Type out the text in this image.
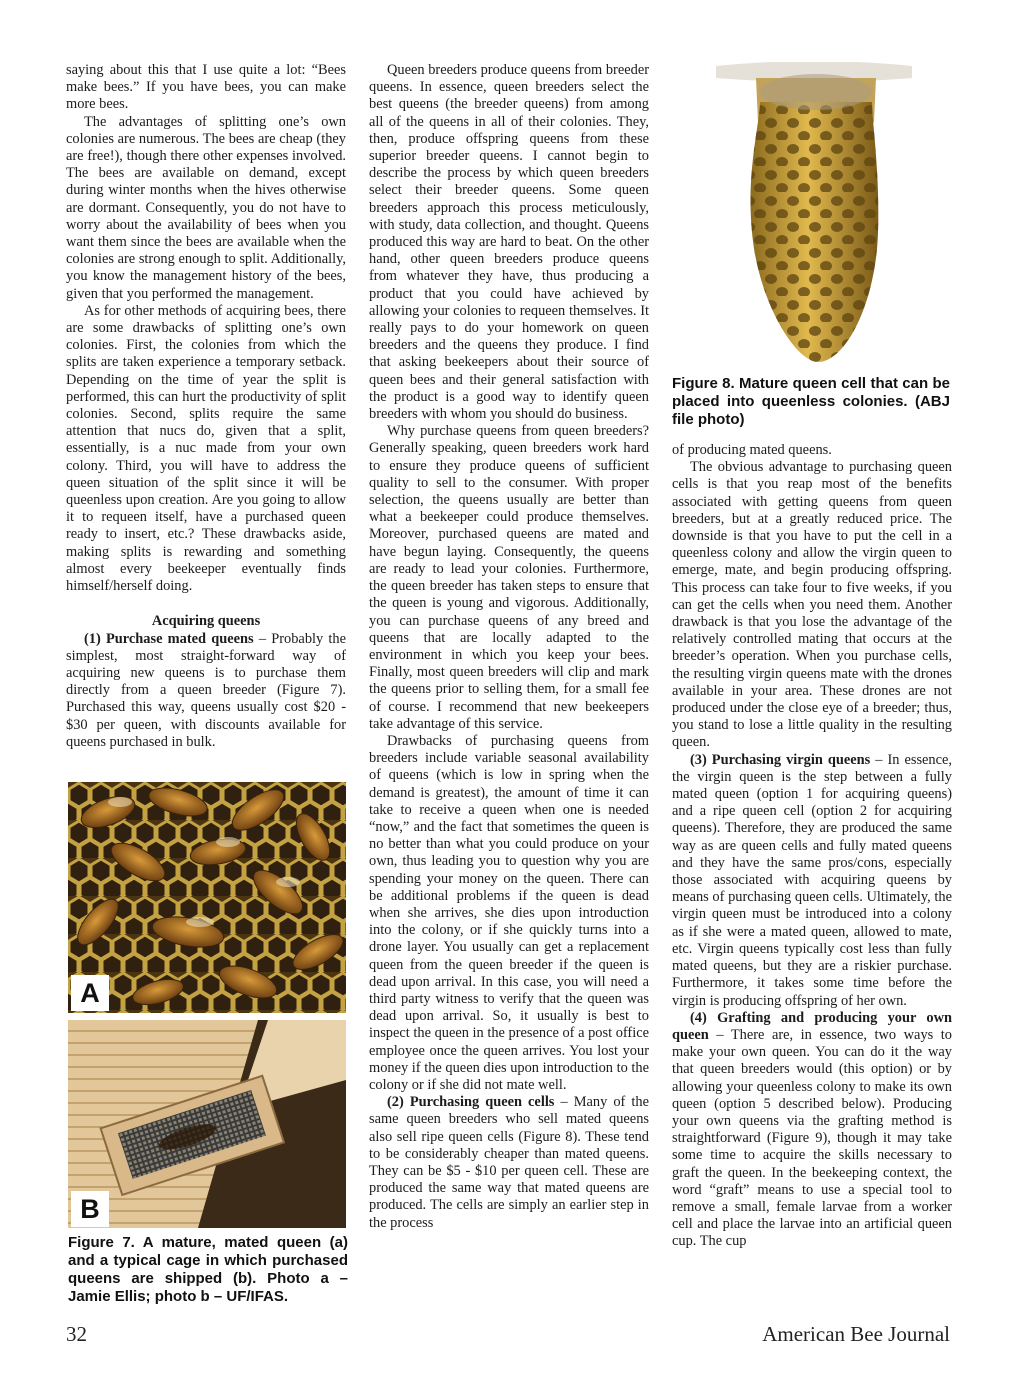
saying about this that I use quite a lot: “Bees make bees.” If you have bees, you can make more bees.

The advantages of splitting one’s own colonies are numerous. The bees are cheap (they are free!), though there other expenses involved. The bees are available on demand, except during winter months when the hives otherwise are dormant. Consequently, you do not have to worry about the availability of bees when you want them since the bees are available when the colonies are strong enough to split. Additionally, you know the management history of the bees, given that you performed the management.

As for other methods of acquiring bees, there are some drawbacks of splitting one’s own colonies. First, the colonies from which the splits are taken experience a temporary setback. Depending on the time of year the split is performed, this can hurt the productivity of split colonies. Second, splits require the same attention that nucs do, given that a split, essentially, is a nuc made from your own colony. Third, you will have to address the queen situation of the split since it will be queenless upon creation. Are you going to allow it to requeen itself, have a purchased queen ready to insert, etc.? These drawbacks aside, making splits is rewarding and something almost every beekeeper eventually finds himself/herself doing.

Acquiring queens

(1) Purchase mated queens – Probably the simplest, most straight-forward way of acquiring new queens is to purchase them directly from a queen breeder (Figure 7). Purchased this way, queens usually cost $20 - $30 per queen, with discounts available for queens purchased in bulk.

A
B

Figure 7. A mature, mated queen (a) and a typical cage in which purchased queens are shipped (b). Photo a – Jamie Ellis; photo b – UF/IFAS.

Queen breeders produce queens from breeder queens. In essence, queen breeders select the best queens (the breeder queens) from among all of the queens in all of their colonies. They, then, produce offspring queens from these superior breeder queens. I cannot begin to describe the process by which queen breeders select their breeder queens. Some queen breeders approach this process meticulously, with study, data collection, and thought. Queens produced this way are hard to beat. On the other hand, other queen breeders produce queens from whatever they have, thus producing a product that you could have achieved by allowing your colonies to requeen themselves. It really pays to do your homework on queen breeders and the queens they produce. I find that asking beekeepers about their source of queen bees and their general satisfaction with the product is a good way to identify queen breeders with whom you should do business.

Why purchase queens from queen breeders? Generally speaking, queen breeders work hard to ensure they produce queens of sufficient quality to sell to the consumer. With proper selection, the queens usually are better than what a beekeeper could produce themselves. Moreover, purchased queens are mated and have begun laying. Consequently, the queens are ready to lead your colonies. Furthermore, the queen breeder has taken steps to ensure that the queen is young and vigorous. Additionally, you can purchase queens of any breed and queens that are locally adapted to the environment in which you keep your bees. Finally, most queen breeders will clip and mark the queens prior to selling them, for a small fee of course. I recommend that new beekeepers take advantage of this service.

Drawbacks of purchasing queens from breeders include variable seasonal availability of queens (which is low in spring when the demand is greatest), the amount of time it can take to receive a queen when one is needed “now,” and the fact that sometimes the queen is no better than what you could produce on your own, thus leading you to question why you are spending your money on the queen. There can be additional problems if the queen is dead when she arrives, she dies upon introduction into the colony, or if she quickly turns into a drone layer. You usually can get a replacement queen from the queen breeder if the queen is dead upon arrival. In this case, you will need a third party witness to verify that the queen was dead upon arrival. So, it usually is best to inspect the queen in the presence of a post office employee once the queen arrives. You lost your money if the queen dies upon introduction to the colony or if she did not mate well.

(2) Purchasing queen cells – Many of the same queen breeders who sell mated queens also sell ripe queen cells (Figure 8). These tend to be considerably cheaper than mated queens. They can be $5 - $10 per queen cell. These are produced the same way that mated queens are produced. The cells are simply an earlier step in the process

Figure 8. Mature queen cell that can be placed into queenless colonies. (ABJ file photo)

of producing mated queens.

The obvious advantage to purchasing queen cells is that you reap most of the benefits associated with getting queens from queen breeders, but at a greatly reduced price. The downside is that you have to put the cell in a queenless colony and allow the virgin queen to emerge, mate, and begin producing offspring. This process can take four to five weeks, if you can get the cells when you need them. Another drawback is that you lose the advantage of the relatively controlled mating that occurs at the breeder’s operation. When you purchase cells, the resulting virgin queens mate with the drones available in your area. These drones are not produced under the close eye of a breeder; thus, you stand to lose a little quality in the resulting queen.

(3) Purchasing virgin queens – In essence, the virgin queen is the step between a fully mated queen (option 1 for acquiring queens) and a ripe queen cell (option 2 for acquiring queens). Therefore, they are produced the same way as are queen cells and fully mated queens and they have the same pros/cons, especially those associated with acquiring queens by means of purchasing queen cells. Ultimately, the virgin queen must be introduced into a colony as if she were a mated queen, allowed to mate, etc. Virgin queens typically cost less than fully mated queens, but they are a riskier purchase. Furthermore, it takes some time before the virgin is producing offspring of her own.

(4) Grafting and producing your own queen – There are, in essence, two ways to make your own queen. You can do it the way that queen breeders would (this option) or by allowing your queenless colony to make its own queen (option 5 described below). Producing your own queens via the grafting method is straightforward (Figure 9), though it may take some time to acquire the skills necessary to graft the queen. In the beekeeping context, the word “graft” means to use a special tool to remove a small, female larvae from a worker cell and place the larvae into an artificial queen cup. The cup

32	American Bee Journal
